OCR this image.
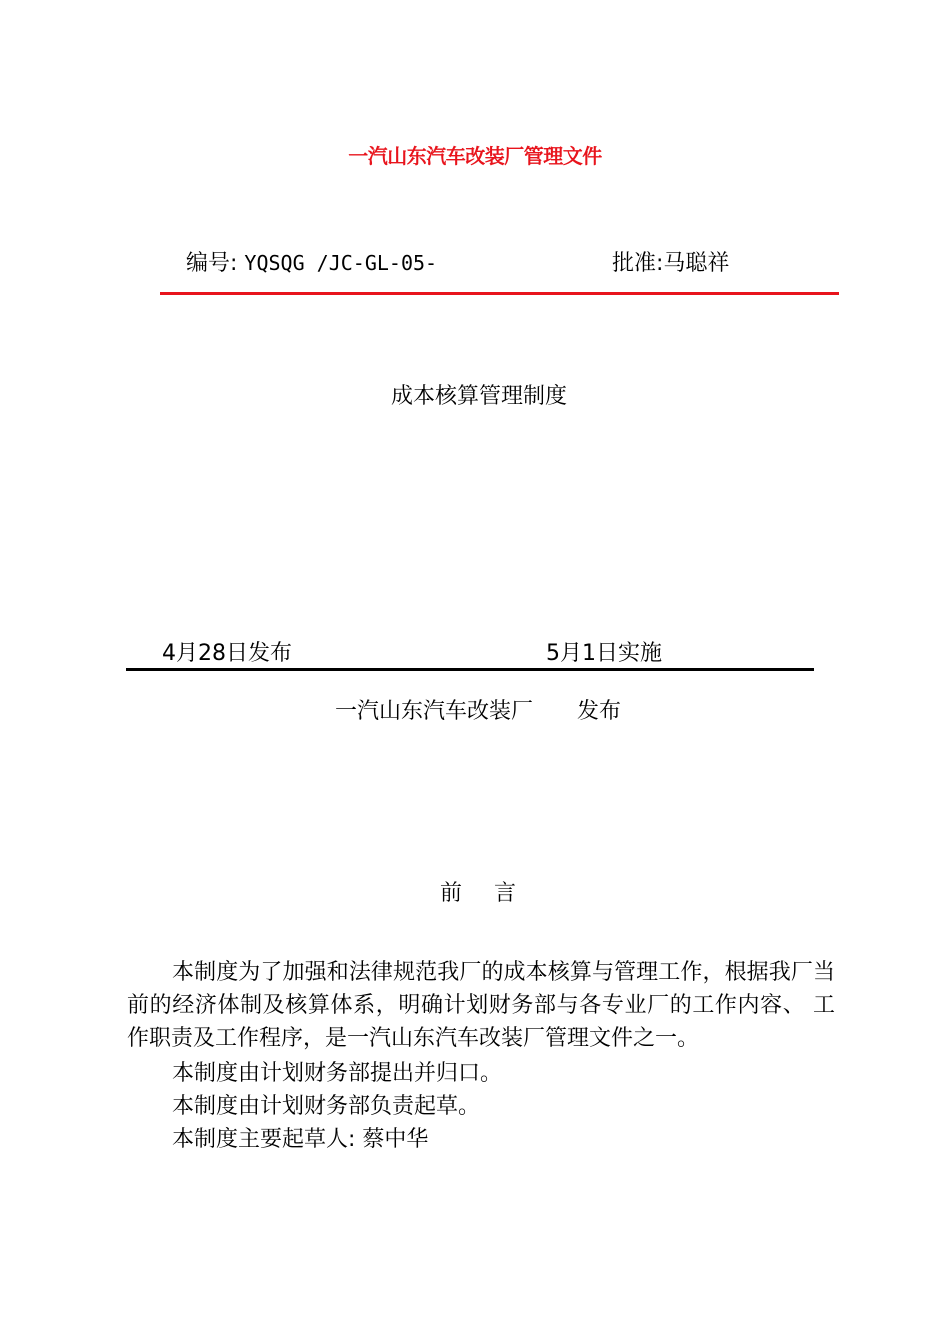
一汽山东汽车改装厂管理文件
编号: YQSQG /JC-GL-05-	批准:马聪祥
成本核算管理制度
4月28日发布	5月1日实施
一汽山东汽车改装厂 发布
前 言
本制度为了加强和法律规范我厂的成本核算与管理工作，根据我厂当前的经济体制及核算体系，明确计划财务部与各专业厂的工作内容、 工作职责及工作程序，是一汽山东汽车改装厂管理文件之一。
本制度由计划财务部提出并归口。
本制度由计划财务部负责起草。
本制度主要起草人: 蔡中华
